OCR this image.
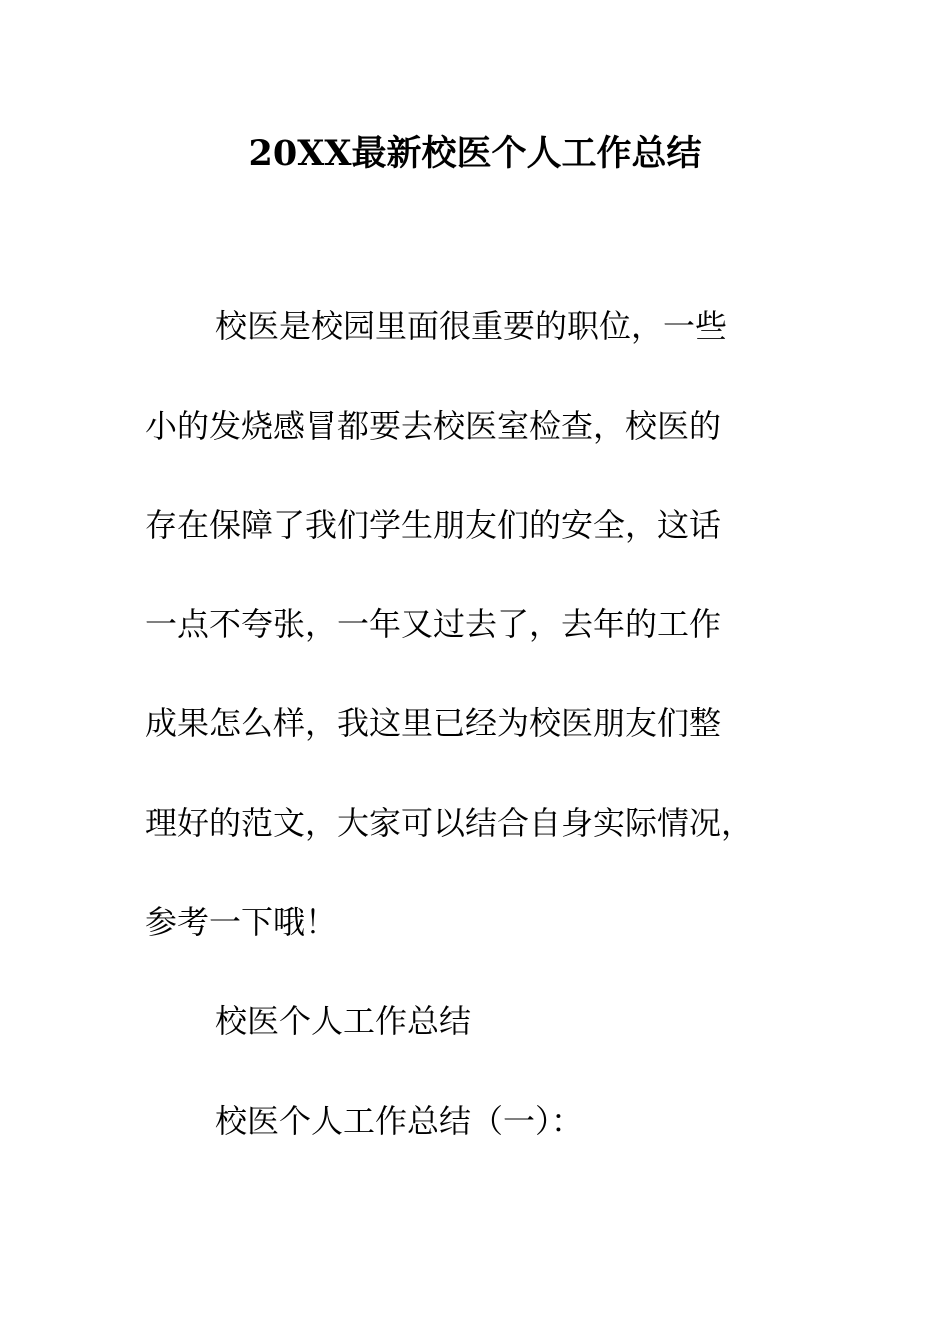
20XX最新校医个人工作总结
校医是校园里面很重要的职位，一些
小的发烧感冒都要去校医室检查，校医的
存在保障了我们学生朋友们的安全，这话
一点不夸张，一年又过去了，去年的工作
成果怎么样，我这里已经为校医朋友们整
理好的范文，大家可以结合自身实际情况，
参考一下哦！
校医个人工作总结
校医个人工作总结（一）：
